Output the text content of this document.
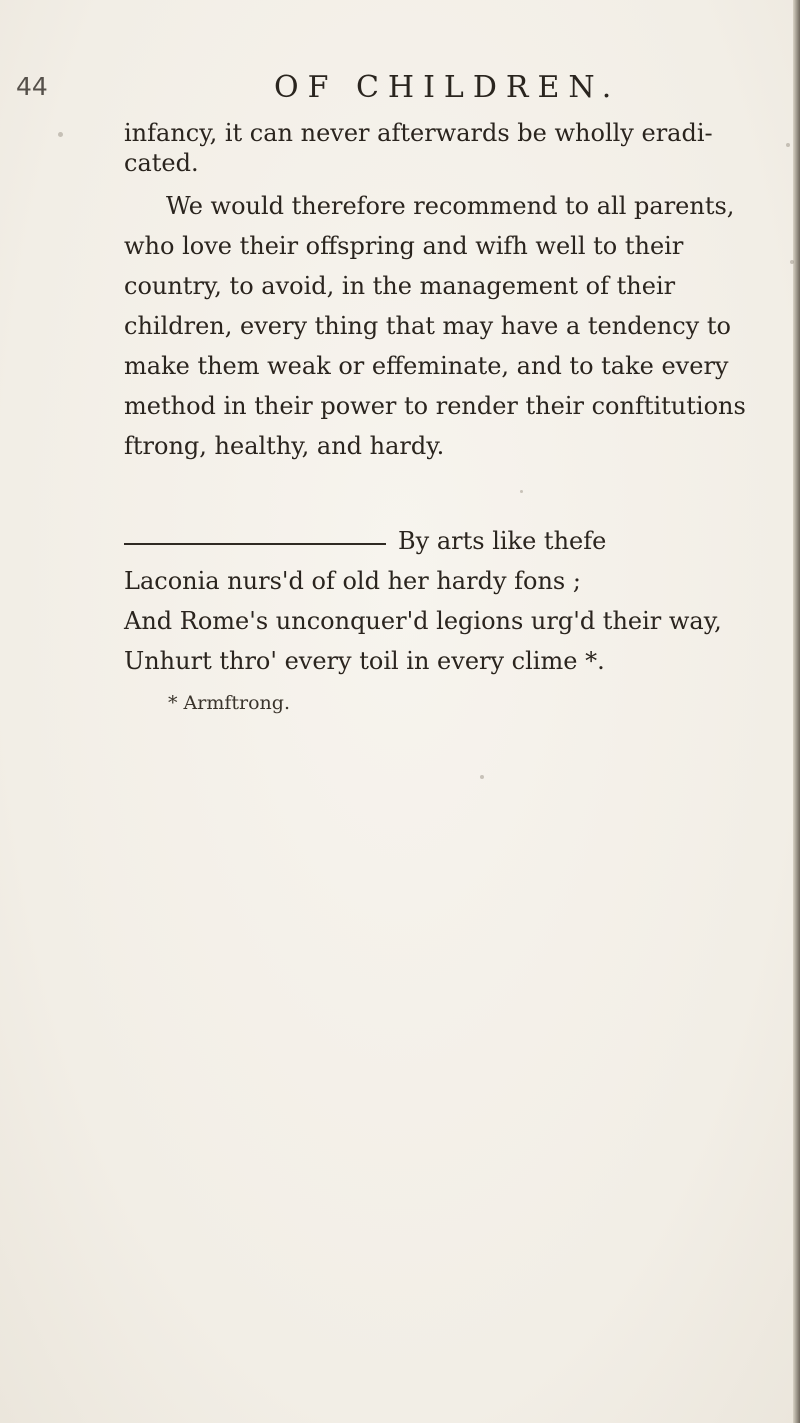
44	OF CHILDREN.
infancy, it can never afterwards be wholly eradi-
cated.
We would therefore recommend to all parents,
who love their offspring and wifh well to their
country, to avoid, in the management of their
children, every thing that may have a tendency to
make them weak or effeminate, and to take every
method in their power to render their conftitutions
ftrong, healthy, and hardy.
By arts like thefe
Laconia nurs'd of old her hardy fons ;
And Rome's unconquer'd legions urg'd their way,
Unhurt thro' every toil in every clime *.
* Armftrong.
